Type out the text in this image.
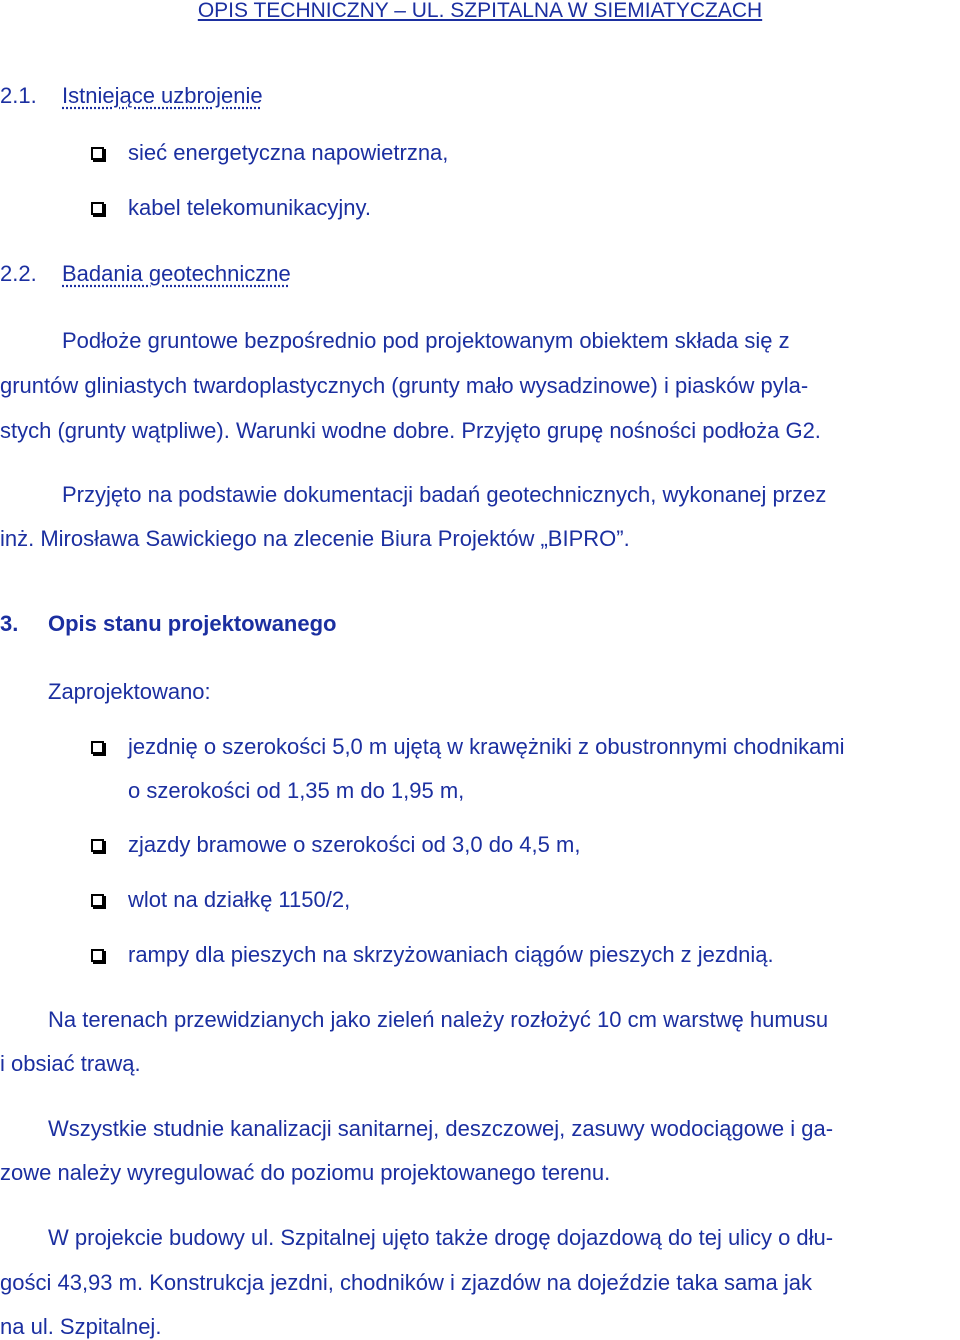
OPIS TECHNICZNY – UL. SZPITALNA W SIEMIATYCZACH
2.1. Istniejące uzbrojenie
sieć energetyczna napowietrzna,
kabel telekomunikacyjny.
2.2. Badania geotechniczne
Podłoże gruntowe bezpośrednio pod projektowanym obiektem składa się z
gruntów gliniastych twardoplastycznych (grunty mało wysadzinowe) i piasków pyla-
stych (grunty wątpliwe). Warunki wodne dobre. Przyjęto grupę nośności podłoża G2.
Przyjęto na podstawie dokumentacji badań geotechnicznych, wykonanej przez
inż. Mirosława Sawickiego na zlecenie Biura Projektów „BIPRO”.
3. Opis stanu projektowanego
Zaprojektowano:
jezdnię o szerokości 5,0 m ujętą w krawężniki z obustronnymi chodnikami
o szerokości od 1,35 m do 1,95 m,
zjazdy bramowe o szerokości od 3,0 do 4,5 m,
wlot na działkę 1150/2,
rampy dla pieszych na skrzyżowaniach ciągów pieszych z jezdnią.
Na terenach przewidzianych jako zieleń należy rozłożyć 10 cm warstwę humusu
i obsiać trawą.
Wszystkie studnie kanalizacji sanitarnej, deszczowej, zasuwy wodociągowe i ga-
zowe należy wyregulować do poziomu projektowanego terenu.
W projekcie budowy ul. Szpitalnej ujęto także drogę dojazdową do tej ulicy o dłu-
gości 43,93 m. Konstrukcja jezdni, chodników i zjazdów na dojeździe taka sama jak
na ul. Szpitalnej.
